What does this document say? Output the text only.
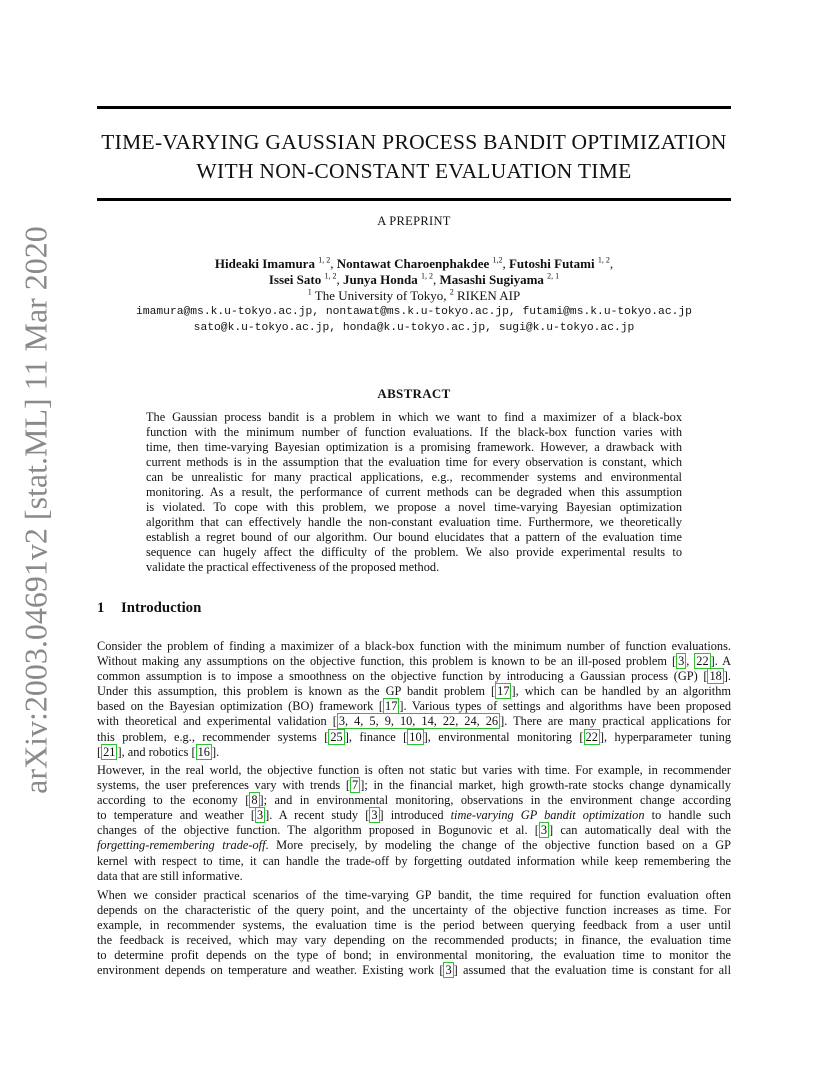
arXiv:2003.04691v2 [stat.ML] 11 Mar 2020
TIME-VARYING GAUSSIAN PROCESS BANDIT OPTIMIZATION
WITH NON-CONSTANT EVALUATION TIME
A PREPRINT
Hideaki Imamura $^{1, 2}$, Nontawat Charoenphakdee $^{1,2}$, Futoshi Futami $^{1, 2}$,
Issei Sato $^{1, 2}$, Junya Honda $^{1, 2}$, Masashi Sugiyama $^{2, 1}$
$^1$ The University of Tokyo, $^2$ RIKEN AIP
imamura@ms.k.u-tokyo.ac.jp, nontawat@ms.k.u-tokyo.ac.jp, futami@ms.k.u-tokyo.ac.jp
sato@k.u-tokyo.ac.jp, honda@k.u-tokyo.ac.jp, sugi@k.u-tokyo.ac.jp
ABSTRACT
The Gaussian process bandit is a problem in which we want to find a maximizer of a black-box
function with the minimum number of function evaluations. If the black-box function varies with
time, then time-varying Bayesian optimization is a promising framework. However, a drawback with
current methods is in the assumption that the evaluation time for every observation is constant, which
can be unrealistic for many practical applications, e.g., recommender systems and environmental
monitoring. As a result, the performance of current methods can be degraded when this assumption
is violated. To cope with this problem, we propose a novel time-varying Bayesian optimization
algorithm that can effectively handle the non-constant evaluation time. Furthermore, we theoretically
establish a regret bound of our algorithm. Our bound elucidates that a pattern of the evaluation time
sequence can hugely affect the difficulty of the problem. We also provide experimental results to
validate the practical effectiveness of the proposed method.
1 Introduction
Consider the problem of finding a maximizer of a black-box function with the minimum number of function evaluations.
Without making any assumptions on the objective function, this problem is known to be an ill-posed problem [ 3 , 22 ]. A
common assumption is to impose a smoothness on the objective function by introducing a Gaussian process (GP) [ 18 ].
Under this assumption, this problem is known as the GP bandit problem [ 17 ], which can be handled by an algorithm
based on the Bayesian optimization (BO) framework [ 17 ]. Various types of settings and algorithms have been proposed
with theoretical and experimental validation [ 3, 4, 5, 9, 10, 14, 22, 24, 26 ]. There are many practical applications for
this problem, e.g., recommender systems [ 25 ], finance [ 10 ], environmental monitoring [ 22 ], hyperparameter tuning
[ 21 ], and robotics [ 16 ].
However, in the real world, the objective function is often not static but varies with time. For example, in recommender
systems, the user preferences vary with trends [ 7 ]; in the financial market, high growth-rate stocks change dynamically
according to the economy [ 8 ]; and in environmental monitoring, observations in the environment change according
to temperature and weather [ 3 ]. A recent study [ 3 ] introduced time-varying GP bandit optimization to handle such
changes of the objective function. The algorithm proposed in Bogunovic et al. [ 3 ] can automatically deal with the
forgetting-remembering trade-off. More precisely, by modeling the change of the objective function based on a GP
kernel with respect to time, it can handle the trade-off by forgetting outdated information while keep remembering the
data that are still informative.
When we consider practical scenarios of the time-varying GP bandit, the time required for function evaluation often
depends on the characteristic of the query point, and the uncertainty of the objective function increases as time. For
example, in recommender systems, the evaluation time is the period between querying feedback from a user until
the feedback is received, which may vary depending on the recommended products; in finance, the evaluation time
to determine profit depends on the type of bond; in environmental monitoring, the evaluation time to monitor the
environment depends on temperature and weather. Existing work [ 3 ] assumed that the evaluation time is constant for all
